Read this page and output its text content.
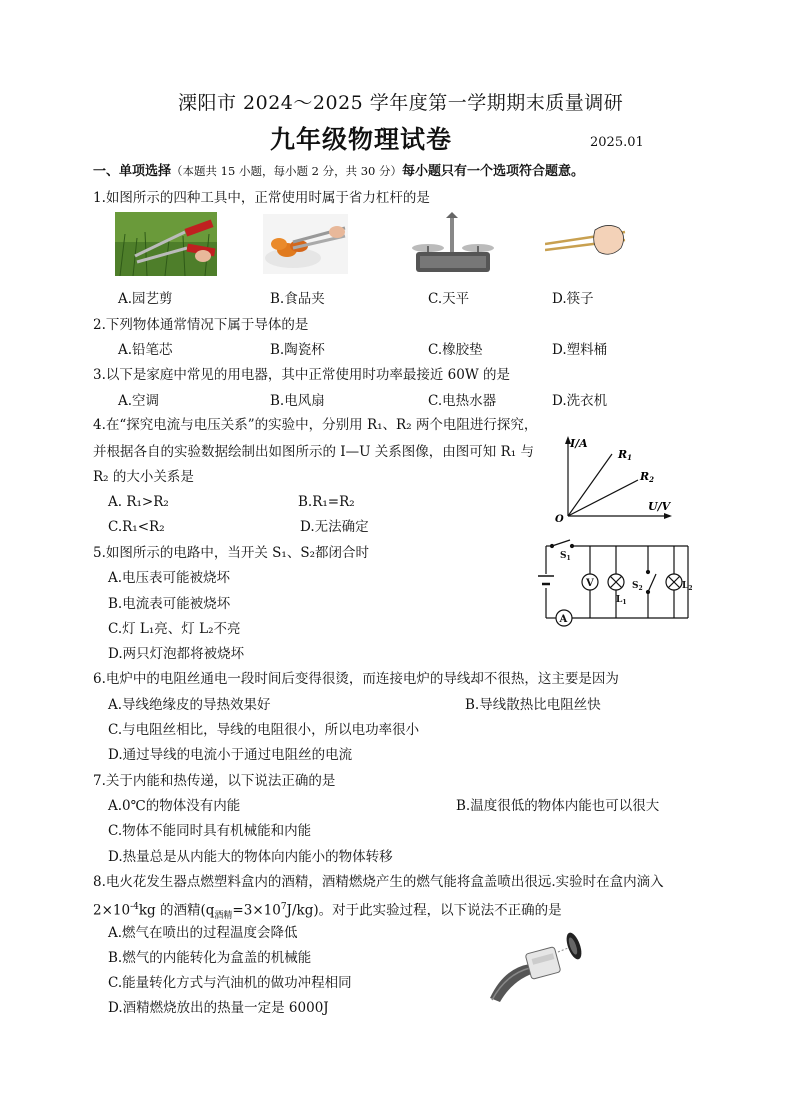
溧阳市 2024～2025 学年度第一学期期末质量调研
九年级物理试卷	2025.01
一、单项选择（本题共 15 小题，每小题 2 分，共 30 分）每小题只有一个选项符合题意。
1.如图所示的四种工具中，正常使用时属于省力杠杆的是
A.园艺剪	B.食品夹	C.天平	D.筷子
2.下列物体通常情况下属于导体的是
A.铅笔芯	B.陶瓷杯	C.橡胶垫	D.塑料桶
3.以下是家庭中常见的用电器，其中正常使用时功率最接近 60W 的是
A.空调	B.电风扇	C.电热水器	D.洗衣机
4.在“探究电流与电压关系”的实验中，分别用 R₁、R₂ 两个电阻进行探究，
并根据各自的实验数据绘制出如图所示的 I—U 关系图像，由图可知 R₁ 与
R₂ 的大小关系是
A. R₁>R₂	B.R₁=R₂
C.R₁<R₂	D.无法确定
I/A
U/V
O
R1
R2
5.如图所示的电路中，当开关 S₁、S₂都闭合时
A.电压表可能被烧坏
B.电流表可能被烧坏
C.灯 L₁亮、灯 L₂不亮
D.两只灯泡都将被烧坏
$S_1$
A
V
$L_1$
$S_2$	$L_2$
6.电炉中的电阻丝通电一段时间后变得很烫，而连接电炉的导线却不很热，这主要是因为
A.导线绝缘皮的导热效果好	B.导线散热比电阻丝快
C.与电阻丝相比，导线的电阻很小，所以电功率很小
D.通过导线的电流小于通过电阻丝的电流
7.关于内能和热传递，以下说法正确的是
A.0℃的物体没有内能	B.温度很低的物体内能也可以很大
C.物体不能同时具有机械能和内能
D.热量总是从内能大的物体向内能小的物体转移
8.电火花发生器点燃塑料盒内的酒精，酒精燃烧产生的燃气能将盒盖喷出很远.实验时在盒内滴入
$2\times 10^{-4}kg$ 的酒精$(q_{酒精}=3\times 10^7J/kg)$。对于此实验过程，以下说法不正确的是
A.燃气在喷出的过程温度会降低
B.燃气的内能转化为盒盖的机械能
C.能量转化方式与汽油机的做功冲程相同
D.酒精燃烧放出的热量一定是 6000J
